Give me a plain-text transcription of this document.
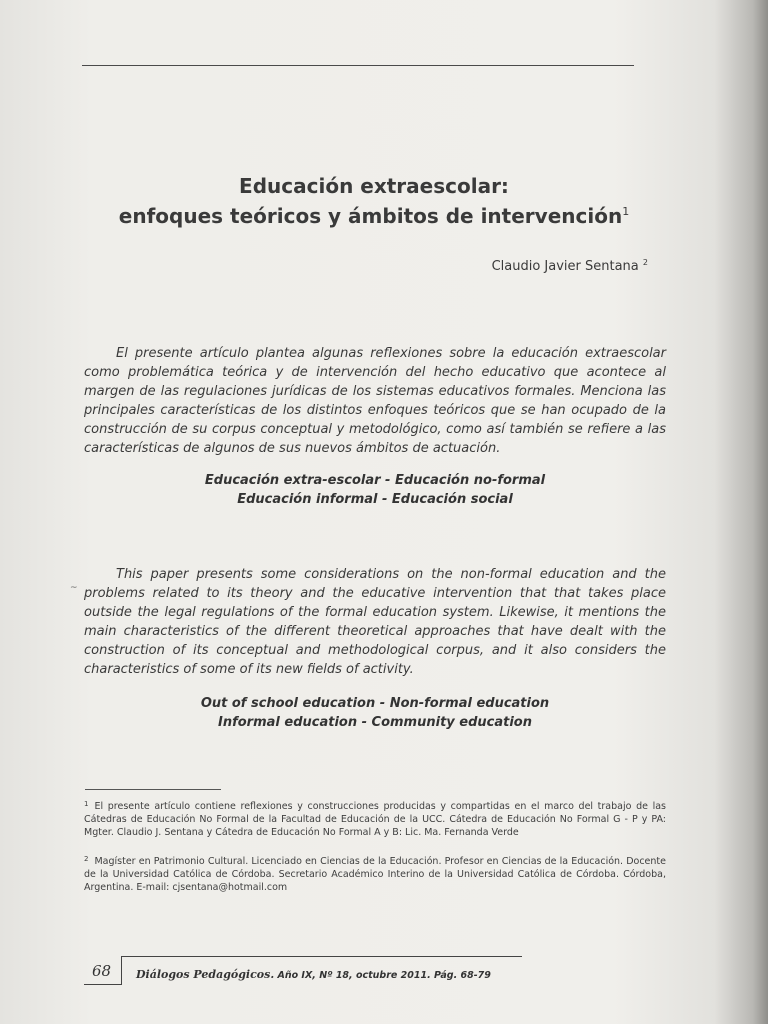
Educación extraescolar:
enfoques teóricos y ámbitos de intervención$^1$
Claudio Javier Sentana $^2$

El presente artículo plantea algunas reflexiones sobre la educación extraescolar como problemática teórica y de intervención del hecho educativo que acontece al margen de las regulaciones jurídicas de los sistemas educativos formales. Menciona las principales características de los distintos enfoques teóricos que se han ocupado de la construcción de su corpus conceptual y metodológico, como así también se refiere a las características de algunos de sus nuevos ámbitos de actuación.

Educación extra-escolar - Educación no-formal
Educación informal - Educación social
~

This paper presents some considerations on the non-formal education and the problems related to its theory and the educative intervention that that takes place outside the legal regulations of the formal education system. Likewise, it mentions the main characteristics of the different theoretical approaches that have dealt with the construction of its conceptual and methodological corpus, and it also considers the characteristics of some of its new fields of activity.

Out of school education - Non-formal education
Informal education - Community education

$^1$ El presente artículo contiene reflexiones y construcciones producidas y compartidas en el marco del trabajo de las Cátedras de Educación No Formal de la Facultad de Educación de la UCC. Cátedra de Educación No Formal G - P y PA: Mgter. Claudio J. Sentana y Cátedra de Educación No Formal A y B: Lic. Ma. Fernanda Verde

$^2$ Magíster en Patrimonio Cultural. Licenciado en Ciencias de la Educación. Profesor en Ciencias de la Educación. Docente de la Universidad Católica de Córdoba. Secretario Académico Interino de la Universidad Católica de Córdoba. Córdoba, Argentina. E-mail: cjsentana@hotmail.com

68 Diálogos Pedagógicos. Año IX, Nº 18, octubre 2011. Pág. 68-79
